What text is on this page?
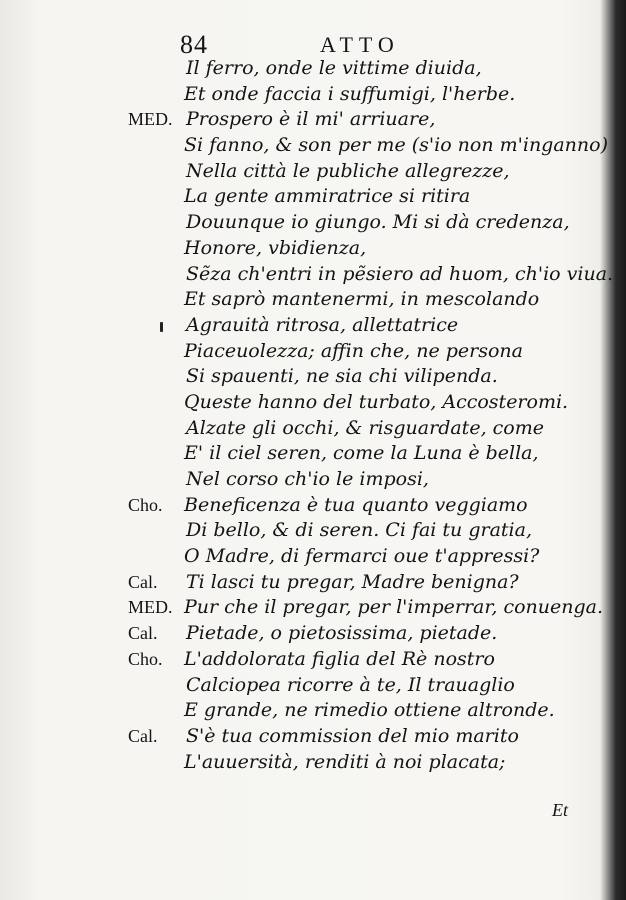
84	ATTO
Il ferro, onde le vittime diuida,
Et onde faccia i suffumigi, l'herbe.
MED. Prospero è il mi' arriuare,
Si fanno, & son per me (s'io non m'inganno)
Nella città le publiche allegrezze,
La gente ammiratrice si ritira
Douunque io giungo. Mi si dà credenza,
Honore, vbidienza,
Sẽza ch'entri in pẽsiero ad huom, ch'io viua.
Et saprò mantenermi, in mescolando
Agrauità ritrosa, allettatrice
Piaceuolezza; affin che, ne persona
Si spauenti, ne sia chi vilipenda.
Queste hanno del turbato, Accosteromi.
Alzate gli occhi, & risguardate, come
E' il ciel seren, come la Luna è bella,
Nel corso ch'io le imposi,
Cho. Beneficenza è tua quanto veggiamo
Di bello, & di seren. Ci fai tu gratia,
O Madre, di fermarci oue t'appressi?
Cal. Ti lasci tu pregar, Madre benigna?
MED. Pur che il pregar, per l'imperrar, conuenga.
Cal. Pietade, o pietosissima, pietade.
Cho. L'addolorata figlia del Rè nostro
Calciopea ricorre à te, Il trauaglio
E grande, ne rimedio ottiene altronde.
Cal. S'è tua commission del mio marito
L'auuersità, renditi à noi placata;
Et
